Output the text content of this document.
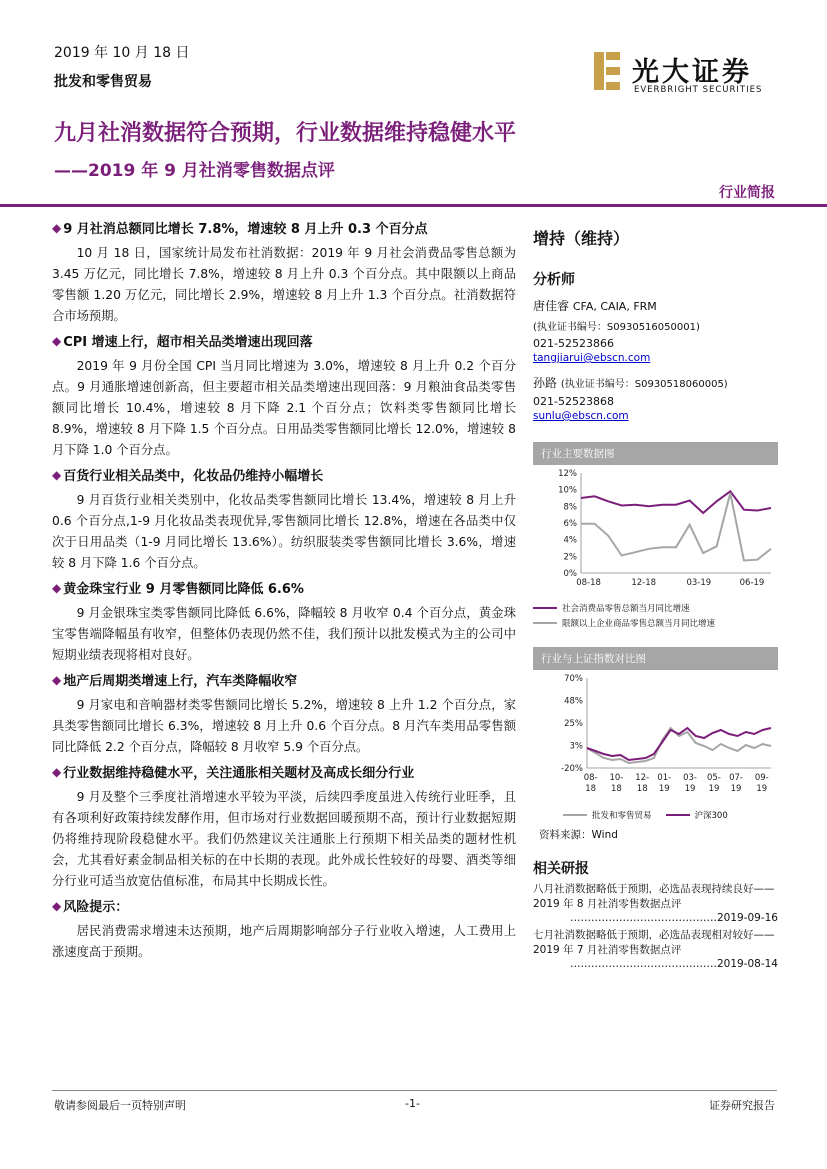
2019 年 10 月 18 日
批发和零售贸易	光大证券
EVERBRIGHT SECURITIES
九月社消数据符合预期，行业数据维持稳健水平
——2019 年 9 月社消零售数据点评
行业简报
◆ 9 月社消总额同比增长 7.8%，增速较 8 月上升 0.3 个百分点
10 月 18 日，国家统计局发布社消数据：2019 年 9 月社会消费品零售总额为 3.45 万亿元，同比增长 7.8%，增速较 8 月上升 0.3 个百分点。其中限额以上商品零售额 1.20 万亿元，同比增长 2.9%，增速较 8 月上升 1.3 个百分点。社消数据符合市场预期。
◆ CPI 增速上行，超市相关品类增速出现回落
2019 年 9 月份全国 CPI 当月同比增速为 3.0%，增速较 8 月上升 0.2 个百分点。9 月通胀增速创新高，但主要超市相关品类增速出现回落：9 月粮油食品类零售额同比增长 10.4%，增速较 8 月下降 2.1 个百分点；饮料类零售额同比增长 8.9%，增速较 8 月下降 1.5 个百分点。日用品类零售额同比增长 12.0%，增速较 8 月下降 1.0 个百分点。
◆ 百货行业相关品类中，化妆品仍维持小幅增长
9 月百货行业相关类别中，化妆品类零售额同比增长 13.4%，增速较 8 月上升 0.6 个百分点,1-9 月化妆品类表现优异,零售额同比增长 12.8%，增速在各品类中仅次于日用品类（1-9 月同比增长 13.6%）。纺织服装类零售额同比增长 3.6%，增速较 8 月下降 1.6 个百分点。
◆ 黄金珠宝行业 9 月零售额同比降低 6.6%
9 月金银珠宝类零售额同比降低 6.6%，降幅较 8 月收窄 0.4 个百分点，黄金珠宝零售端降幅虽有收窄，但整体仍表现仍然不佳，我们预计以批发模式为主的公司中短期业绩表现将相对良好。
◆ 地产后周期类增速上行，汽车类降幅收窄
9 月家电和音响器材类零售额同比增长 5.2%，增速较 8 上升 1.2 个百分点，家具类零售额同比增长 6.3%，增速较 8 月上升 0.6 个百分点。8 月汽车类用品零售额同比降低 2.2 个百分点，降幅较 8 月收窄 5.9 个百分点。
◆ 行业数据维持稳健水平，关注通胀相关题材及高成长细分行业
9 月及整个三季度社消增速水平较为平淡，后续四季度虽进入传统行业旺季，且有各项利好政策持续发酵作用，但市场对行业数据回暖预期不高，预计行业数据短期仍将维持现阶段稳健水平。我们仍然建议关注通胀上行预期下相关品类的题材性机会，尤其看好素金制品相关标的在中长期的表现。此外成长性较好的母婴、酒类等细分行业可适当放宽估值标准，布局其中长期成长性。
◆ 风险提示：
居民消费需求增速未达预期，地产后周期影响部分子行业收入增速，人工费用上涨速度高于预期。
增持（维持）
分析师
唐佳睿 CFA, CAIA, FRM
(执业证书编号：S0930516050001)
021-52523866
tangjiarui@ebscn.com
孙路 (执业证书编号：S0930518060005)
021-52523868
sunlu@ebscn.com
行业主要数据图
12%
10%
8%
6%
4%
2%
0%
08-18	12-18	03-19	06-19
社会消费品零售总额当月同比增速
限额以上企业商品零售总额当月同比增速
行业与上证指数对比图
70%
48%
25%
3%
-20%
08-18
10-18
12-18
01-19
03-19
05-19
07-19
09-19
批发和零售贸易	沪深300
资料来源：Wind
相关研报
八月社消数据略低于预期，必选品表现持续良好——2019 年 8 月社消零售数据点评
……………………………………2019-09-16
七月社消数据略低于预期，必选品表现相对较好——2019 年 7 月社消零售数据点评
……………………………………2019-08-14
敬请参阅最后一页特别声明	-1-	证券研究报告
